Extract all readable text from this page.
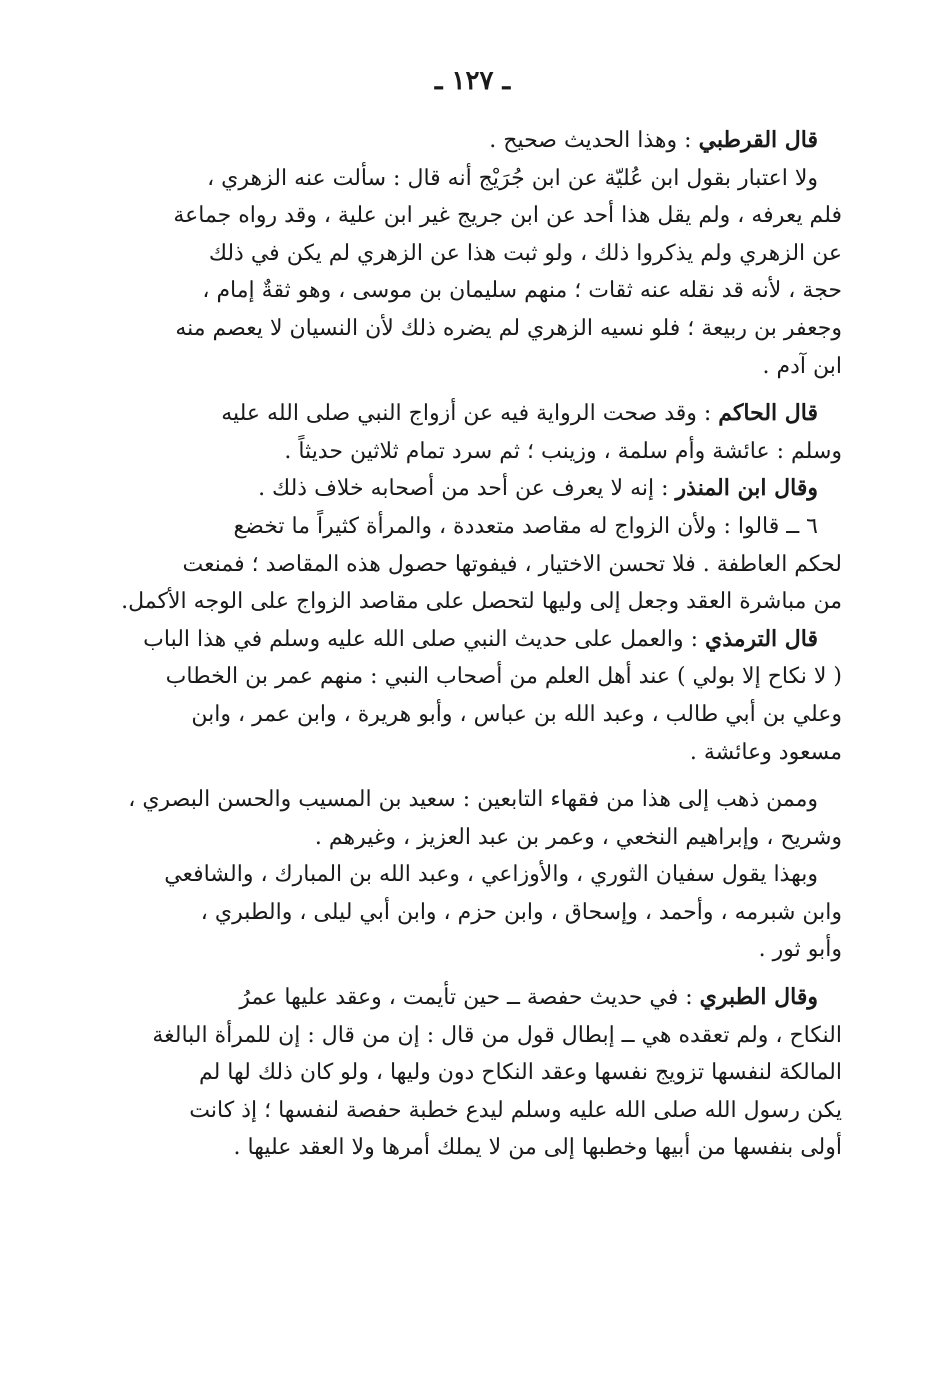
ـ ١٢٧ ـ
قال القرطبي : وهذا الحديث صحيح .
ولا اعتبار بقول ابن عُليّة عن ابن جُرَيْج أنه قال : سألت عنه الزهري ،
فلم يعرفه ، ولم يقل هذا أحد عن ابن جريج غير ابن علية ، وقد رواه جماعة
عن الزهري ولم يذكروا ذلك ، ولو ثبت هذا عن الزهري لم يكن في ذلك
حجة ، لأنه قد نقله عنه ثقات ؛ منهم سليمان بن موسى ، وهو ثقةٌ إمام ،
وجعفر بن ربيعة ؛ فلو نسيه الزهري لم يضره ذلك لأن النسيان لا يعصم منه
ابن آدم .
قال الحاكم : وقد صحت الرواية فيه عن أزواج النبي صلى الله عليه
وسلم : عائشة وأم سلمة ، وزينب ؛ ثم سرد تمام ثلاثين حديثاً .
وقال ابن المنذر : إنه لا يعرف عن أحد من أصحابه خلاف ذلك .
٦ ــ قالوا : ولأن الزواج له مقاصد متعددة ، والمرأة كثيراً ما تخضع
لحكم العاطفة . فلا تحسن الاختيار ، فيفوتها حصول هذه المقاصد ؛ فمنعت
من مباشرة العقد وجعل إلى وليها لتحصل على مقاصد الزواج على الوجه الأكمل.
قال الترمذي : والعمل على حديث النبي صلى الله عليه وسلم في هذا الباب
( لا نكاح إلا بولي ) عند أهل العلم من أصحاب النبي : منهم عمر بن الخطاب
وعلي بن أبي طالب ، وعبد الله بن عباس ، وأبو هريرة ، وابن عمر ، وابن
مسعود وعائشة .
وممن ذهب إلى هذا من فقهاء التابعين : سعيد بن المسيب والحسن البصري ،
وشريح ، وإبراهيم النخعي ، وعمر بن عبد العزيز ، وغيرهم .
وبهذا يقول سفيان الثوري ، والأوزاعي ، وعبد الله بن المبارك ، والشافعي
وابن شبرمه ، وأحمد ، وإسحاق ، وابن حزم ، وابن أبي ليلى ، والطبري ،
وأبو ثور .
وقال الطبري : في حديث حفصة ــ حين تأيمت ، وعقد عليها عمرُ
النكاح ، ولم تعقده هي ــ إبطال قول من قال : إن من قال : إن للمرأة البالغة
المالكة لنفسها تزويج نفسها وعقد النكاح دون وليها ، ولو كان ذلك لها لم
يكن رسول الله صلى الله عليه وسلم ليدع خطبة حفصة لنفسها ؛ إذ كانت
أولى بنفسها من أبيها وخطبها إلى من لا يملك أمرها ولا العقد عليها .
